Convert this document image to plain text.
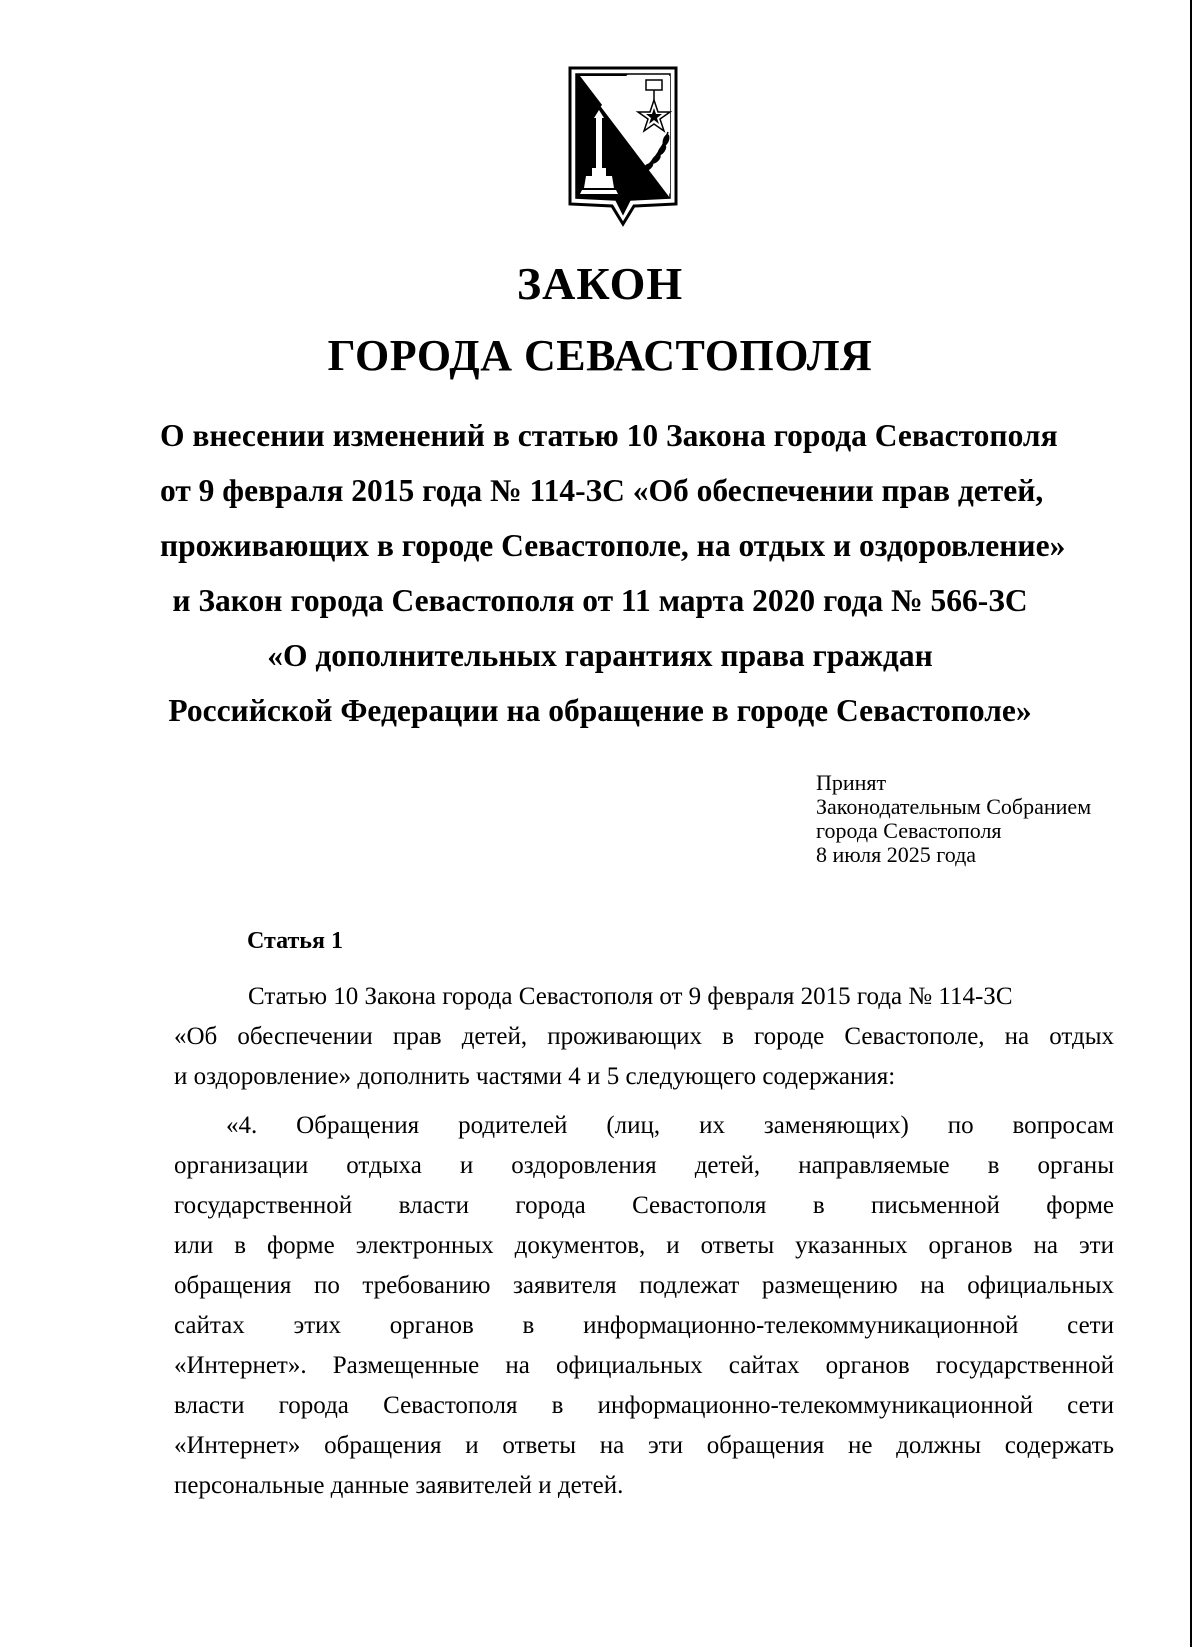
ЗАКОН
ГОРОДА СЕВАСТОПОЛЯ
О внесении изменений в статью 10 Закона города Севастополя
от 9 февраля 2015 года № 114-ЗС «Об обеспечении прав детей,
проживающих в городе Севастополе, на отдых и оздоровление»
и Закон города Севастополя от 11 марта 2020 года № 566-ЗС
«О дополнительных гарантиях права граждан
Российской Федерации на обращение в городе Севастополе»
Принят
Законодательным Собранием
города Севастополя
8 июля 2025 года
Статья 1
Статью 10 Закона города Севастополя от 9 февраля 2015 года № 114-ЗС
«Об обеспечении прав детей, проживающих в городе Севастополе, на отдых
и оздоровление» дополнить частями 4 и 5 следующего содержания:
«4. Обращения родителей (лиц, их заменяющих) по вопросам
организации отдыха и оздоровления детей, направляемые в органы
государственной власти города Севастополя в письменной форме
или в форме электронных документов, и ответы указанных органов на эти
обращения по требованию заявителя подлежат размещению на официальных
сайтах этих органов в информационно-телекоммуникационной сети
«Интернет». Размещенные на официальных сайтах органов государственной
власти города Севастополя в информационно-телекоммуникационной сети
«Интернет» обращения и ответы на эти обращения не должны содержать
персональные данные заявителей и детей.
